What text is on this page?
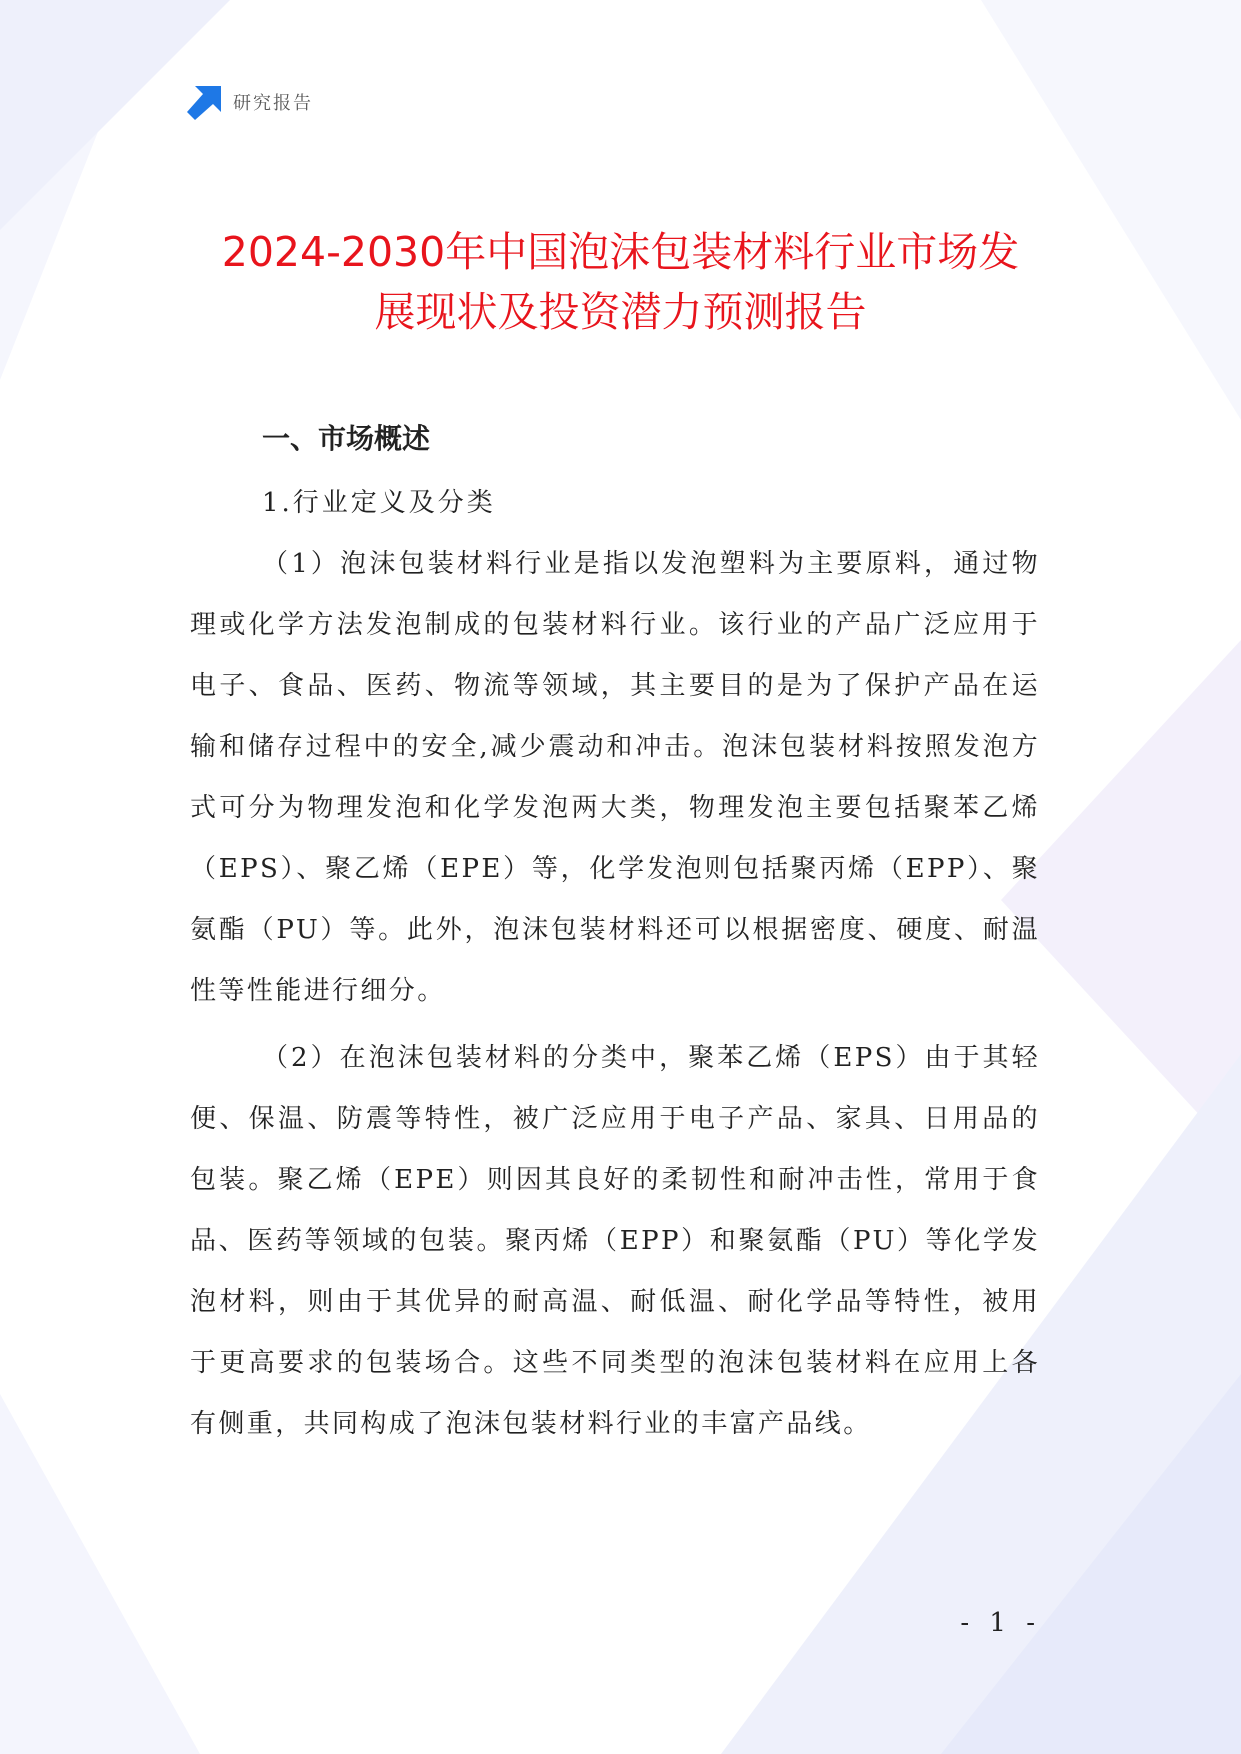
研究报告
2024-2030年中国泡沫包装材料行业市场发
展现状及投资潜力预测报告
一、市场概述
1.行业定义及分类

（1）泡沫包装材料行业是指以发泡塑料为主要原料，通过物理或化学方法发泡制成的包装材料行业。该行业的产品广泛应用于电子、食品、医药、物流等领域，其主要目的是为了保护产品在运输和储存过程中的安全,减少震动和冲击。泡沫包装材料按照发泡方式可分为物理发泡和化学发泡两大类，物理发泡主要包括聚苯乙烯（EPS）、聚乙烯（EPE）等，化学发泡则包括聚丙烯（EPP）、聚氨酯（PU）等。此外，泡沫包装材料还可以根据密度、硬度、耐温性等性能进行细分。

（2）在泡沫包装材料的分类中，聚苯乙烯（EPS）由于其轻便、保温、防震等特性，被广泛应用于电子产品、家具、日用品的包装。聚乙烯（EPE）则因其良好的柔韧性和耐冲击性，常用于食品、医药等领域的包装。聚丙烯（EPP）和聚氨酯（PU）等化学发泡材料，则由于其优异的耐高温、耐低温、耐化学品等特性，被用于更高要求的包装场合。这些不同类型的泡沫包装材料在应用上各有侧重，共同构成了泡沫包装材料行业的丰富产品线。

- 1 -
